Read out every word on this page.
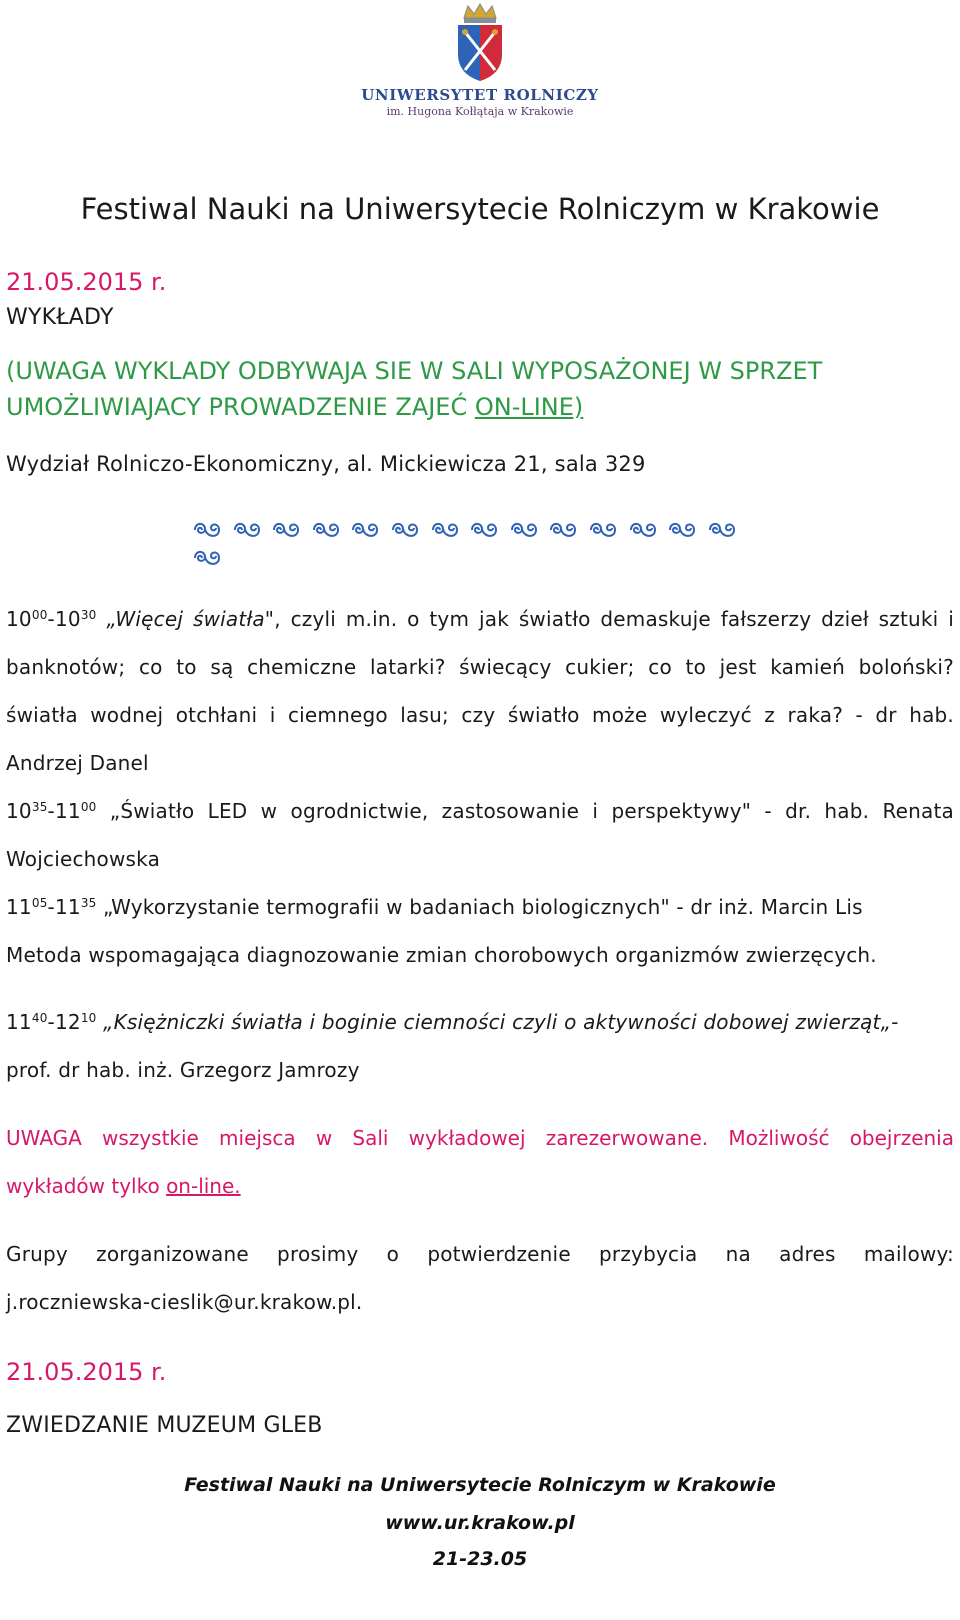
UNIWERSYTET ROLNICZY
im. Hugona Kołłątaja w Krakowie
Festiwal Nauki na Uniwersytecie Rolniczym w Krakowie
21.05.2015 r.
WYKŁADY
(UWAGA WYKLADY ODBYWAJA SIE W SALI WYPOSAŻONEJ W SPRZET
UMOŻLIWIAJACY PROWADZENIE ZAJEĆ ON-LINE)
Wydział Rolniczo-Ekonomiczny, al. Mickiewicza 21, sala 329

$10^{00}-10^{30}$ „Więcej światła", czyli m.in. o tym jak światło demaskuje fałszerzy dzieł sztuki i
banknotów; co to są chemiczne latarki? świecący cukier; co to jest kamień boloński?
światła wodnej otchłani i ciemnego lasu; czy światło może wyleczyć z raka? - dr hab.
Andrzej Danel
$10^{35}-11^{00}$ „Światło LED w ogrodnictwie, zastosowanie i perspektywy" - dr. hab. Renata
Wojciechowska
$11^{05}-11^{35}$ „Wykorzystanie termografii w badaniach biologicznych" - dr inż. Marcin Lis
Metoda wspomagająca diagnozowanie zmian chorobowych organizmów zwierzęcych.
$11^{40}-12^{10}$ „Księżniczki światła i boginie ciemności czyli o aktywności dobowej zwierząt„-
prof. dr hab. inż. Grzegorz Jamrozy
UWAGA wszystkie miejsca w Sali wykładowej zarezerwowane. Możliwość obejrzenia
wykładów tylko on-line.
Grupy zorganizowane prosimy o potwierdzenie przybycia na adres mailowy:
j.roczniewska-cieslik@ur.krakow.pl.
21.05.2015 r.
ZWIEDZANIE MUZEUM GLEB
Festiwal Nauki na Uniwersytecie Rolniczym w Krakowie
www.ur.krakow.pl
21-23.05
